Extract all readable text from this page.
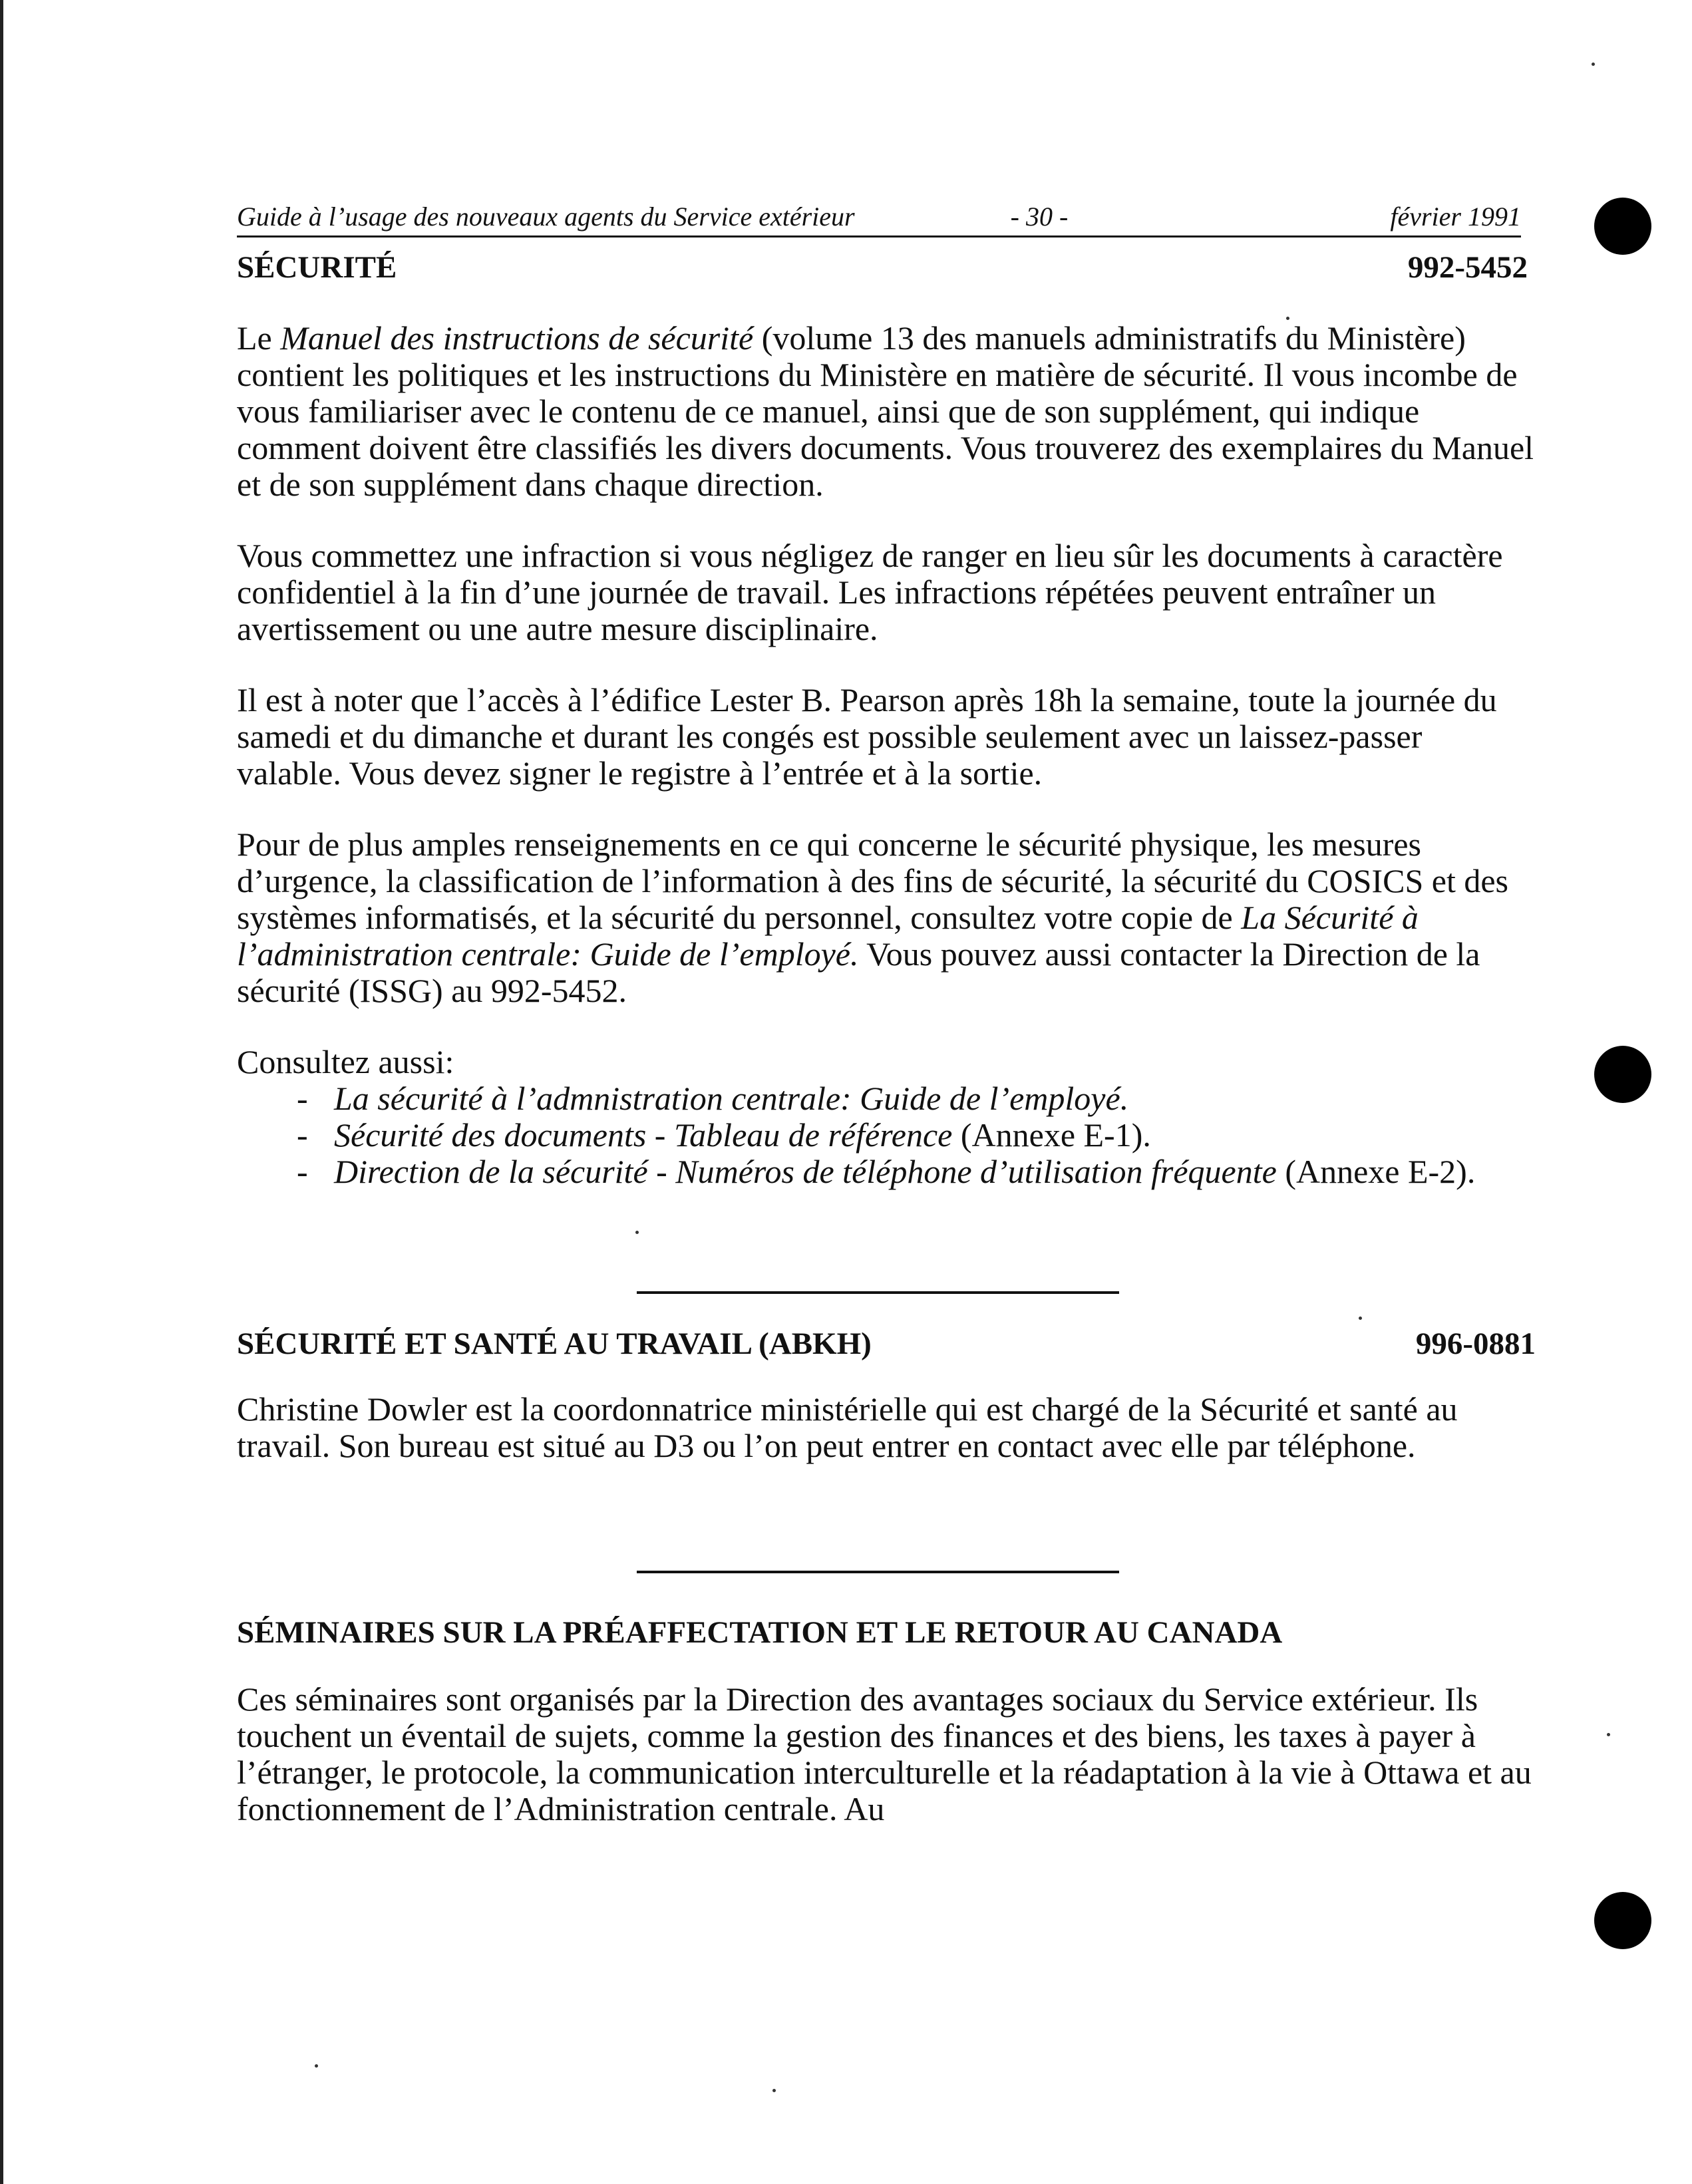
Guide à l’usage des nouveaux agents du Service extérieur	- 30 -	février 1991
SÉCURITÉ	992-5452

Le Manuel des instructions de sécurité (volume 13 des manuels administratifs du Ministère) contient les politiques et les instructions du Ministère en matière de sécurité. Il vous incombe de vous familiariser avec le contenu de ce manuel, ainsi que de son supplément, qui indique comment doivent être classifiés les divers documents. Vous trouverez des exemplaires du Manuel et de son supplément dans chaque direction.

Vous commettez une infraction si vous négligez de ranger en lieu sûr les documents à caractère confidentiel à la fin d’une journée de travail. Les infractions répétées peuvent entraîner un avertissement ou une autre mesure disciplinaire.

Il est à noter que l’accès à l’édifice Lester B. Pearson après 18h la semaine, toute la journée du samedi et du dimanche et durant les congés est possible seulement avec un laissez-passer valable. Vous devez signer le registre à l’entrée et à la sortie.

Pour de plus amples renseignements en ce qui concerne le sécurité physique, les mesures d’urgence, la classification de l’information à des fins de sécurité, la sécurité du COSICS et des systèmes informatisés, et la sécurité du personnel, consultez votre copie de La Sécurité à l’administration centrale: Guide de l’employé. Vous pouvez aussi contacter la Direction de la sécurité (ISSG) au 992-5452.

Consultez aussi:
- La sécurité à l’admnistration centrale: Guide de l’employé.
- Sécurité des documents - Tableau de référence (Annexe E-1).
- Direction de la sécurité - Numéros de téléphone d’utilisation fréquente (Annexe E-2).
SÉCURITÉ ET SANTÉ AU TRAVAIL (ABKH)	996-0881

Christine Dowler est la coordonnatrice ministérielle qui est chargé de la Sécurité et santé au travail. Son bureau est situé au D3 ou l’on peut entrer en contact avec elle par téléphone.

SÉMINAIRES SUR LA PRÉAFFECTATION ET LE RETOUR AU CANADA

Ces séminaires sont organisés par la Direction des avantages sociaux du Service extérieur. Ils touchent un éventail de sujets, comme la gestion des finances et des biens, les taxes à payer à l’étranger, le protocole, la communication interculturelle et la réadaptation à la vie à Ottawa et au fonctionnement de l’Administration centrale. Au
